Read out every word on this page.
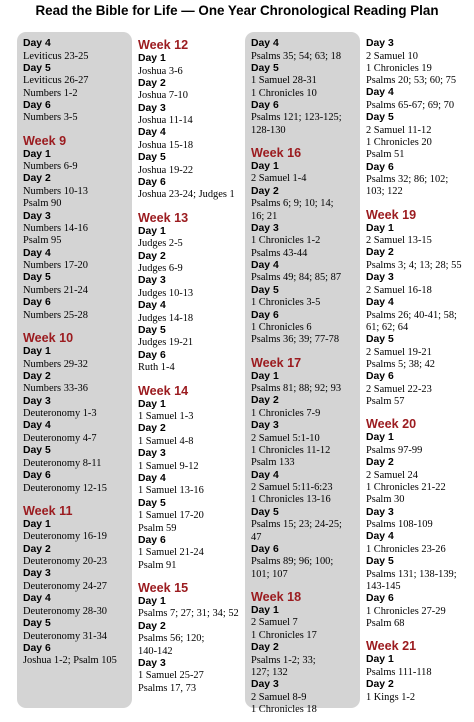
Read the Bible for Life — One Year Chronological Reading Plan
Day 4
Leviticus 23-25
Day 5
Leviticus 26-27
Numbers 1-2
Day 6
Numbers 3-5
Week 9
Day 1
Numbers 6-9
Day 2
Numbers 10-13
Psalm 90
Day 3
Numbers 14-16
Psalm 95
Day 4
Numbers 17-20
Day 5
Numbers 21-24
Day 6
Numbers 25-28
Week 10
Day 1
Numbers 29-32
Day 2
Numbers 33-36
Day 3
Deuteronomy 1-3
Day 4
Deuteronomy 4-7
Day 5
Deuteronomy 8-11
Day 6
Deuteronomy 12-15
Week 11
Day 1
Deuteronomy 16-19
Day 2
Deuteronomy 20-23
Day 3
Deuteronomy 24-27
Day 4
Deuteronomy 28-30
Day 5
Deuteronomy 31-34
Day 6
Joshua 1-2; Psalm 105
Week 12
Day 1
Joshua 3-6
Day 2
Joshua 7-10
Day 3
Joshua 11-14
Day 4
Joshua 15-18
Day 5
Joshua 19-22
Day 6
Joshua 23-24; Judges 1
Week 13
Day 1
Judges 2-5
Day 2
Judges 6-9
Day 3
Judges 10-13
Day 4
Judges 14-18
Day 5
Judges 19-21
Day 6
Ruth 1-4
Week 14
Day 1
1 Samuel 1-3
Day 2
1 Samuel 4-8
Day 3
1 Samuel 9-12
Day 4
1 Samuel 13-16
Day 5
1 Samuel 17-20
Psalm 59
Day 6
1 Samuel 21-24
Psalm 91
Week 15
Day 1
Psalms 7; 27; 31; 34; 52
Day 2
Psalms 56; 120;
140-142
Day 3
1 Samuel 25-27
Psalms 17, 73
Day 4
Psalms 35; 54; 63; 18
Day 5
1 Samuel 28-31
1 Chronicles 10
Day 6
Psalms 121; 123-125;
128-130
Week 16
Day 1
2 Samuel 1-4
Day 2
Psalms 6; 9; 10; 14;
16; 21
Day 3
1 Chronicles 1-2
Psalms 43-44
Day 4
Psalms 49; 84; 85; 87
Day 5
1 Chronicles 3-5
Day 6
1 Chronicles 6
Psalms 36; 39; 77-78
Week 17
Day 1
Psalms 81; 88; 92; 93
Day 2
1 Chronicles 7-9
Day 3
2 Samuel 5:1-10
1 Chronicles 11-12
Psalm 133
Day 4
2 Samuel 5:11-6:23
1 Chronicles 13-16
Day 5
Psalms 15; 23; 24-25;
47
Day 6
Psalms 89; 96; 100;
101; 107
Week 18
Day 1
2 Samuel 7
1 Chronicles 17
Day 2
Psalms 1-2; 33;
127; 132
Day 3
2 Samuel 8-9
1 Chronicles 18
Day 3
2 Samuel 10
1 Chronicles 19
Psalms 20; 53; 60; 75
Day 4
Psalms 65-67; 69; 70
Day 5
2 Samuel 11-12
1 Chronicles 20
Psalm 51
Day 6
Psalms 32; 86; 102;
103; 122
Week 19
Day 1
2 Samuel 13-15
Day 2
Psalms 3; 4; 13; 28; 55
Day 3
2 Samuel 16-18
Day 4
Psalms 26; 40-41; 58;
61; 62; 64
Day 5
2 Samuel 19-21
Psalms 5; 38; 42
Day 6
2 Samuel 22-23
Psalm 57
Week 20
Day 1
Psalms 97-99
Day 2
2 Samuel 24
1 Chronicles 21-22
Psalm 30
Day 3
Psalms 108-109
Day 4
1 Chronicles 23-26
Day 5
Psalms 131; 138-139;
143-145
Day 6
1 Chronicles 27-29
Psalm 68
Week 21
Day 1
Psalms 111-118
Day 2
1 Kings 1-2
